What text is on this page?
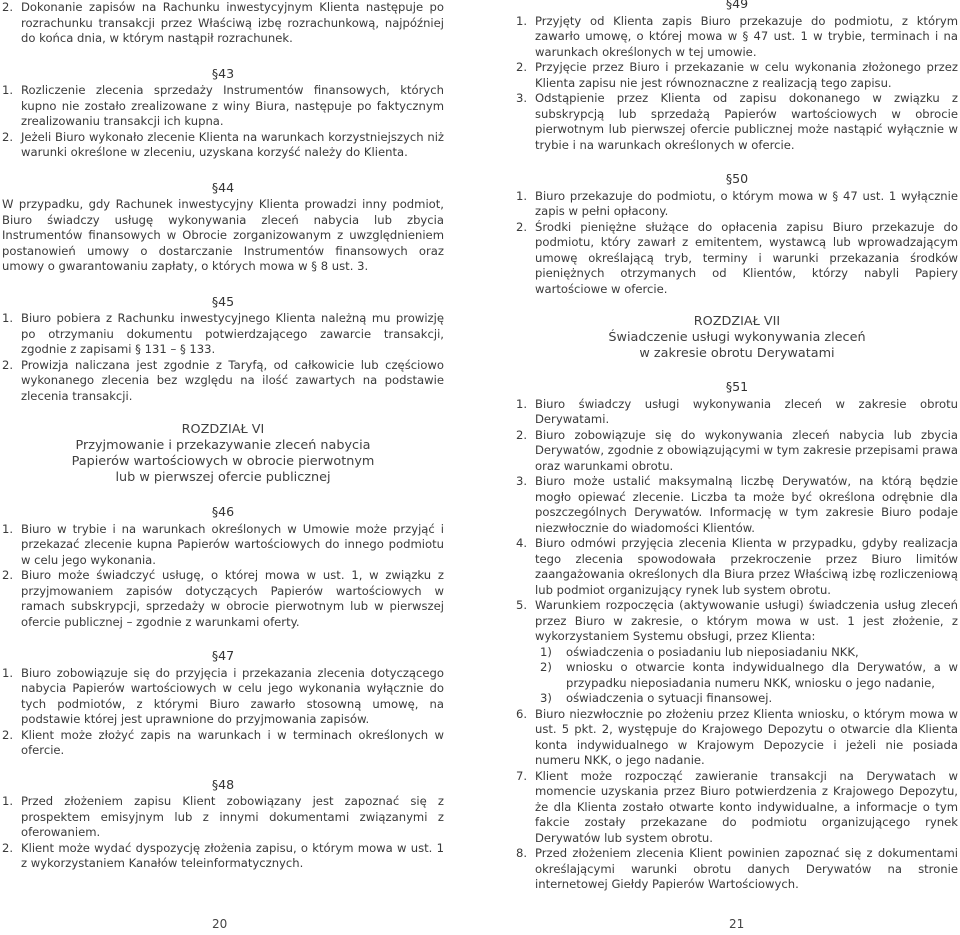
2. Dokonanie zapisów na Rachunku inwestycyjnym Klienta następuje po rozrachunku transakcji przez Właściwą izbę rozrachunkową, najpóźniej do końca dnia, w którym nastąpił rozrachunek.

§43

1. Rozliczenie zlecenia sprzedaży Instrumentów finansowych, których kupno nie zostało zrealizowane z winy Biura, następuje po faktycznym zrealizowaniu transakcji ich kupna.
2. Jeżeli Biuro wykonało zlecenie Klienta na warunkach korzystniejszych niż warunki określone w zleceniu, uzyskana korzyść należy do Klienta.

§44

W przypadku, gdy Rachunek inwestycyjny Klienta prowadzi inny podmiot, Biuro świadczy usługę wykonywania zleceń nabycia lub zbycia Instrumentów finansowych w Obrocie zorganizowanym z uwzględnieniem postanowień umowy o dostarczanie Instrumentów finansowych oraz umowy o gwarantowaniu zapłaty, o których mowa w § 8 ust. 3.

§45

1. Biuro pobiera z Rachunku inwestycyjnego Klienta należną mu prowizję po otrzymaniu dokumentu potwierdzającego zawarcie transakcji, zgodnie z zapisami § 131 – § 133.
2. Prowizja naliczana jest zgodnie z Taryfą, od całkowicie lub częściowo wykonanego zlecenia bez względu na ilość zawartych na podstawie zlecenia transakcji.

ROZDZIAŁ VI

Przyjmowanie i przekazywanie zleceń nabycia

Papierów wartościowych w obrocie pierwotnym

lub w pierwszej ofercie publicznej

§46

1. Biuro w trybie i na warunkach określonych w Umowie może przyjąć i przekazać zlecenie kupna Papierów wartościowych do innego podmiotu w celu jego wykonania.
2. Biuro może świadczyć usługę, o której mowa w ust. 1, w związku z przyjmowaniem zapisów dotyczących Papierów wartościowych w ramach subskrypcji, sprzedaży w obrocie pierwotnym lub w pierwszej ofercie publicznej – zgodnie z warunkami oferty.

§47

1. Biuro zobowiązuje się do przyjęcia i przekazania zlecenia dotyczącego nabycia Papierów wartościowych w celu jego wykonania wyłącznie do tych podmiotów, z którymi Biuro zawarło stosowną umowę, na podstawie której jest uprawnione do przyjmowania zapisów.
2. Klient może złożyć zapis na warunkach i w terminach określonych w ofercie.

§48

1. Przed złożeniem zapisu Klient zobowiązany jest zapoznać się z prospektem emisyjnym lub z innymi dokumentami związanymi z oferowaniem.
2. Klient może wydać dyspozycję złożenia zapisu, o którym mowa w ust. 1 z wykorzystaniem Kanałów teleinformatycznych.

§49

1. Przyjęty od Klienta zapis Biuro przekazuje do podmiotu, z którym zawarło umowę, o której mowa w § 47 ust. 1 w trybie, terminach i na warunkach określonych w tej umowie.
2. Przyjęcie przez Biuro i przekazanie w celu wykonania złożonego przez Klienta zapisu nie jest równoznaczne z realizacją tego zapisu.
3. Odstąpienie przez Klienta od zapisu dokonanego w związku z subskrypcją lub sprzedażą Papierów wartościowych w obrocie pierwotnym lub pierwszej ofercie publicznej może nastąpić wyłącznie w trybie i na warunkach określonych w ofercie.

§50

1. Biuro przekazuje do podmiotu, o którym mowa w § 47 ust. 1 wyłącznie zapis w pełni opłacony.
2. Środki pieniężne służące do opłacenia zapisu Biuro przekazuje do podmiotu, który zawarł z emitentem, wystawcą lub wprowadzającym umowę określającą tryb, terminy i warunki przekazania środków pieniężnych otrzymanych od Klientów, którzy nabyli Papiery wartościowe w ofercie.

ROZDZIAŁ VII

Świadczenie usługi wykonywania zleceń

w zakresie obrotu Derywatami

§51

1. Biuro świadczy usługi wykonywania zleceń w zakresie obrotu Derywatami.
2. Biuro zobowiązuje się do wykonywania zleceń nabycia lub zbycia Derywatów, zgodnie z obowiązującymi w tym zakresie przepisami prawa oraz warunkami obrotu.
3. Biuro może ustalić maksymalną liczbę Derywatów, na którą będzie mogło opiewać zlecenie. Liczba ta może być określona odrębnie dla poszczególnych Derywatów. Informację w tym zakresie Biuro podaje niezwłocznie do wiadomości Klientów.
4. Biuro odmówi przyjęcia zlecenia Klienta w przypadku, gdyby realizacja tego zlecenia spowodowała przekroczenie przez Biuro limitów zaangażowania określonych dla Biura przez Właściwą izbę rozliczeniową lub podmiot organizujący rynek lub system obrotu.
5. Warunkiem rozpoczęcia (aktywowanie usługi) świadczenia usług zleceń przez Biuro w zakresie, o którym mowa w ust. 1 jest złożenie, z wykorzystaniem Systemu obsługi, przez Klienta:
1)	oświadczenia o posiadaniu lub nieposiadaniu NKK,
2)	wniosku o otwarcie konta indywidualnego dla Derywatów, a w przypadku nieposiadania numeru NKK, wniosku o jego nadanie,
3)	oświadczenia o sytuacji finansowej.
6. Biuro niezwłocznie po złożeniu przez Klienta wniosku, o którym mowa w ust. 5 pkt. 2, występuje do Krajowego Depozytu o otwarcie dla Klienta konta indywidualnego w Krajowym Depozycie i jeżeli nie posiada numeru NKK, o jego nadanie.
7. Klient może rozpocząć zawieranie transakcji na Derywatach w momencie uzyskania przez Biuro potwierdzenia z Krajowego Depozytu, że dla Klienta zostało otwarte konto indywidualne, a informacje o tym fakcie zostały przekazane do podmiotu organizującego rynek Derywatów lub system obrotu.
8. Przed złożeniem zlecenia Klient powinien zapoznać się z dokumentami określającymi warunki obrotu danych Derywatów na stronie internetowej Giełdy Papierów Wartościowych.
20	21
